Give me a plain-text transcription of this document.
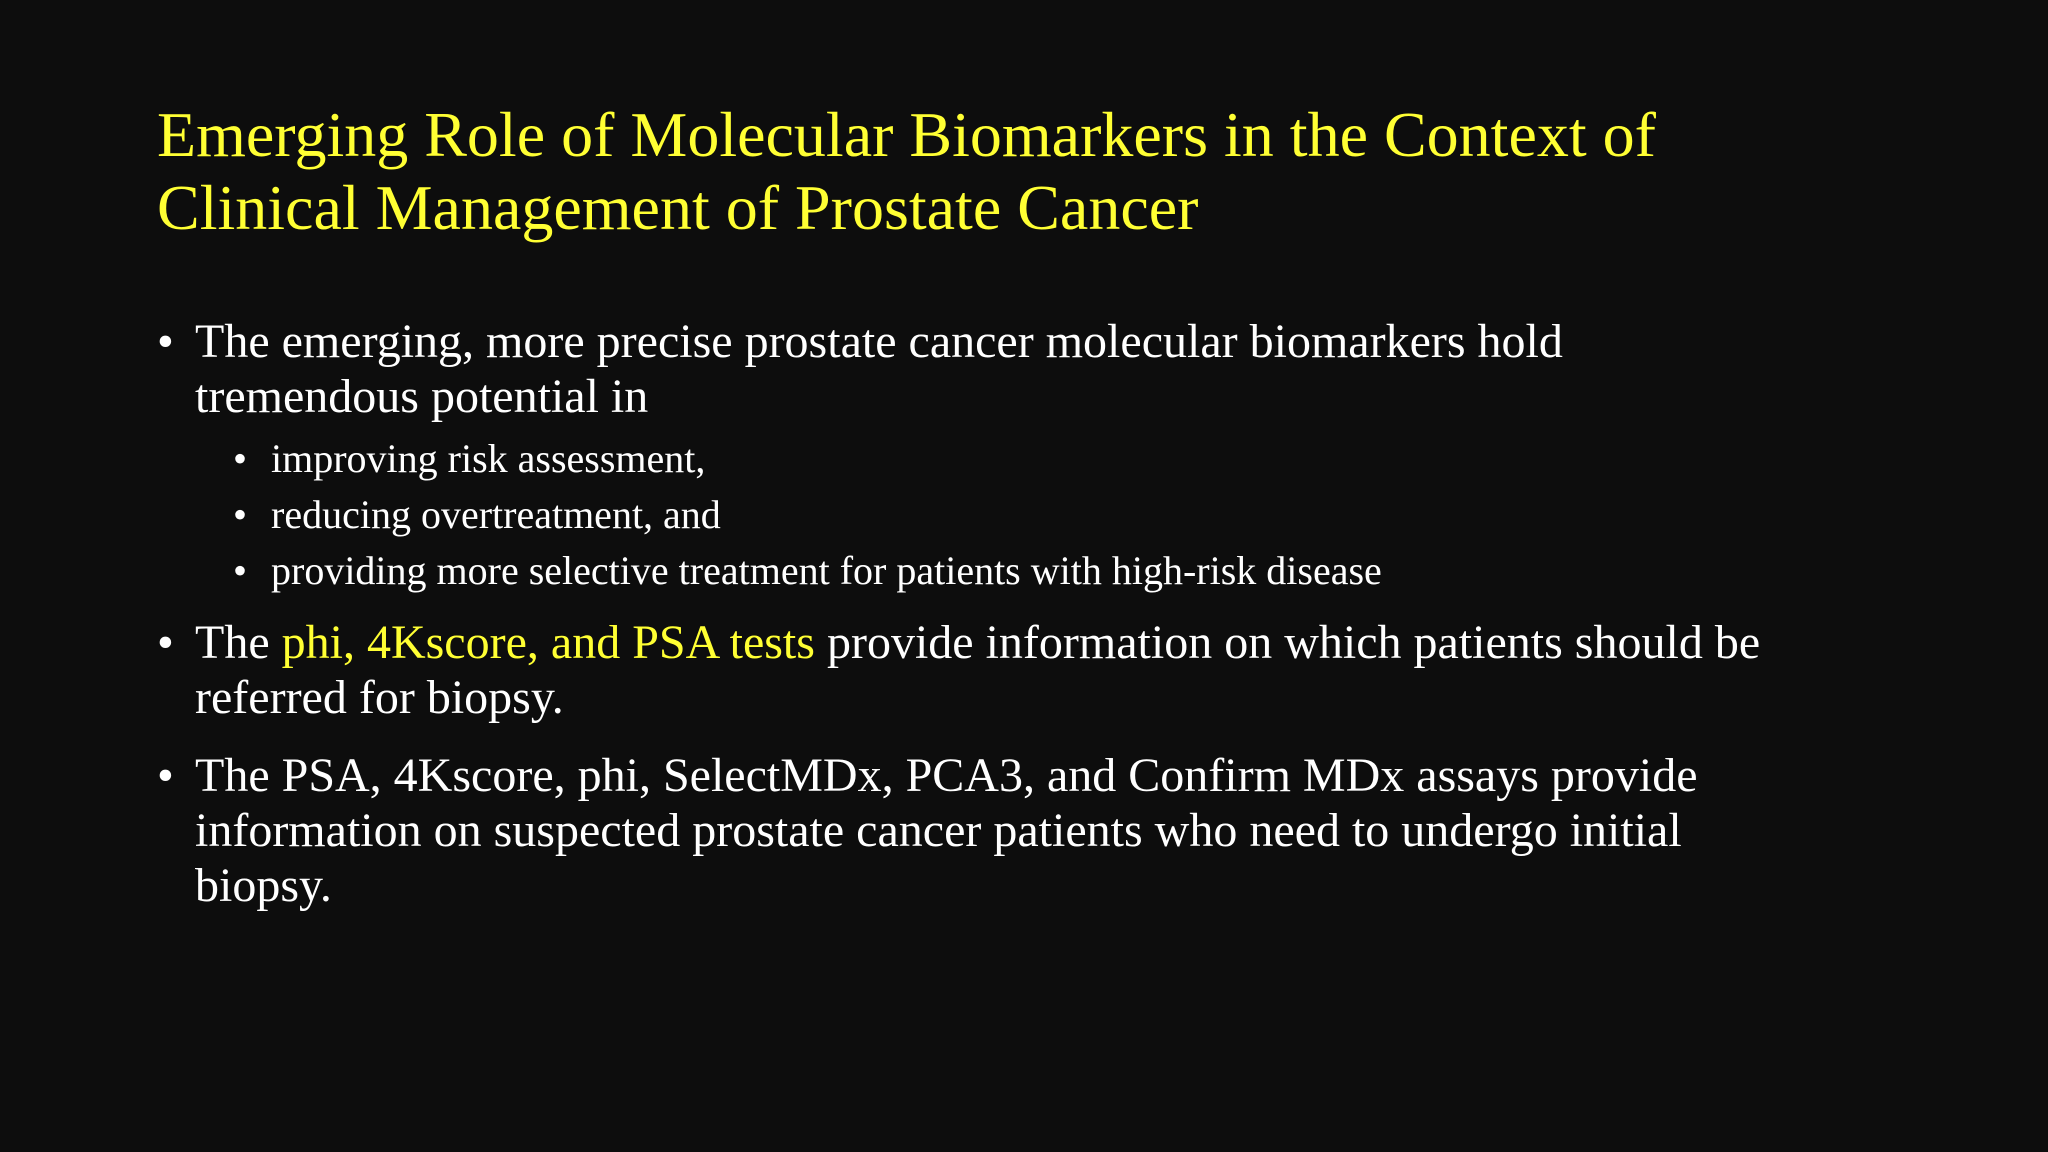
Emerging Role of Molecular Biomarkers in the Context of
Clinical Management of Prostate Cancer
• The emerging, more precise prostate cancer molecular biomarkers hold
tremendous potential in
• improving risk assessment,
• reducing overtreatment, and
• providing more selective treatment for patients with high-risk disease
• The phi, 4Kscore, and PSA tests provide information on which patients should be
referred for biopsy.
• The PSA, 4Kscore, phi, SelectMDx, PCA3, and Confirm MDx assays provide
information on suspected prostate cancer patients who need to undergo initial
biopsy.
